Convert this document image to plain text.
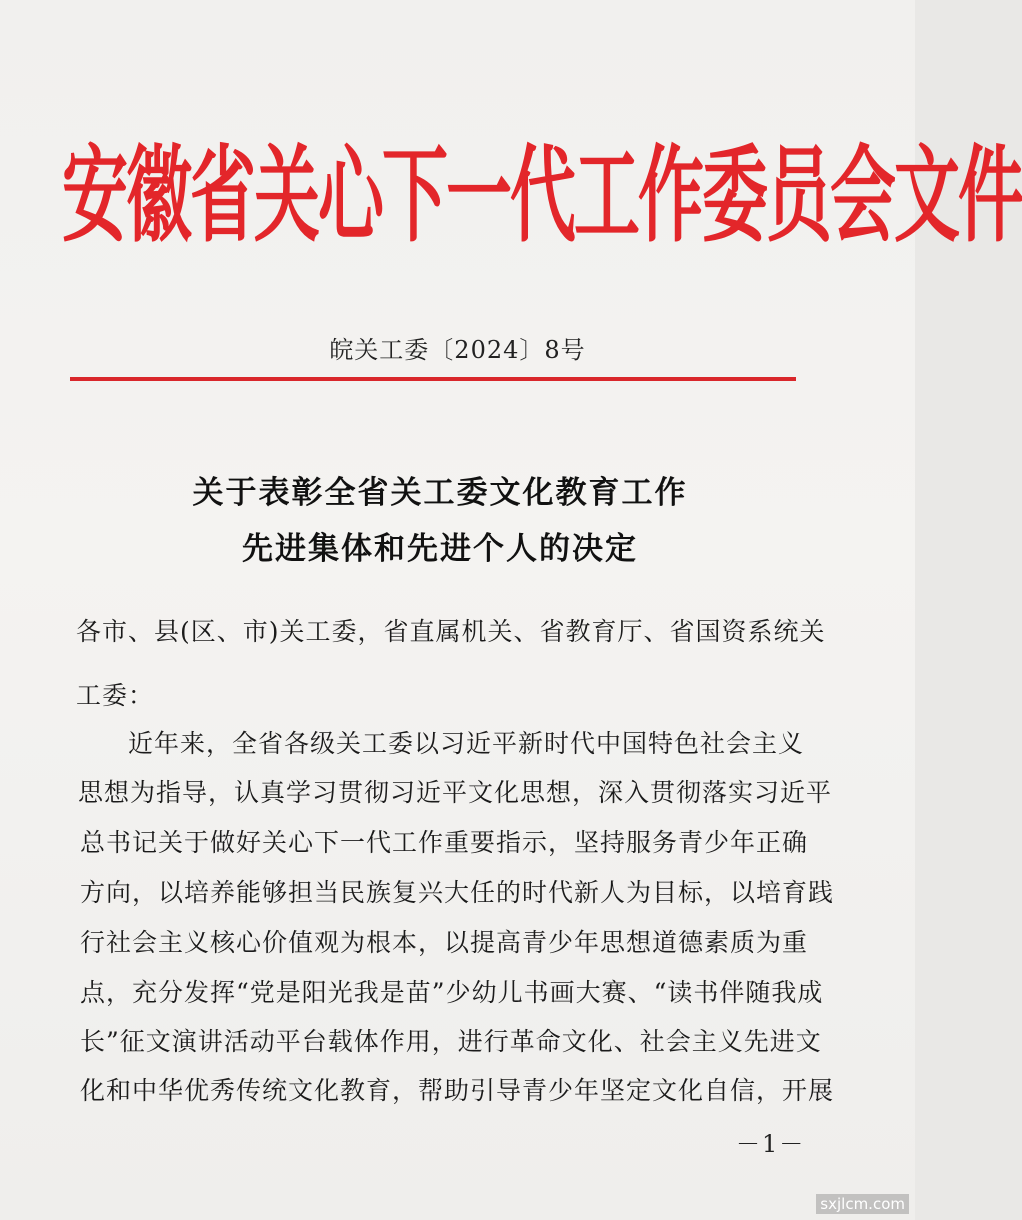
安徽省关心下一代工作委员会文件
皖关工委〔2024〕8号
关于表彰全省关工委文化教育工作
先进集体和先进个人的决定
各市、县(区、市)关工委，省直属机关、省教育厅、省国资系统关
工委：
近年来，全省各级关工委以习近平新时代中国特色社会主义
思想为指导，认真学习贯彻习近平文化思想，深入贯彻落实习近平
总书记关于做好关心下一代工作重要指示，坚持服务青少年正确
方向，以培养能够担当民族复兴大任的时代新人为目标，以培育践
行社会主义核心价值观为根本，以提高青少年思想道德素质为重
点，充分发挥“党是阳光我是苗”少幼儿书画大赛、“读书伴随我成
长”征文演讲活动平台载体作用，进行革命文化、社会主义先进文
化和中华优秀传统文化教育，帮助引导青少年坚定文化自信，开展
－1－
sxjlcm.com
